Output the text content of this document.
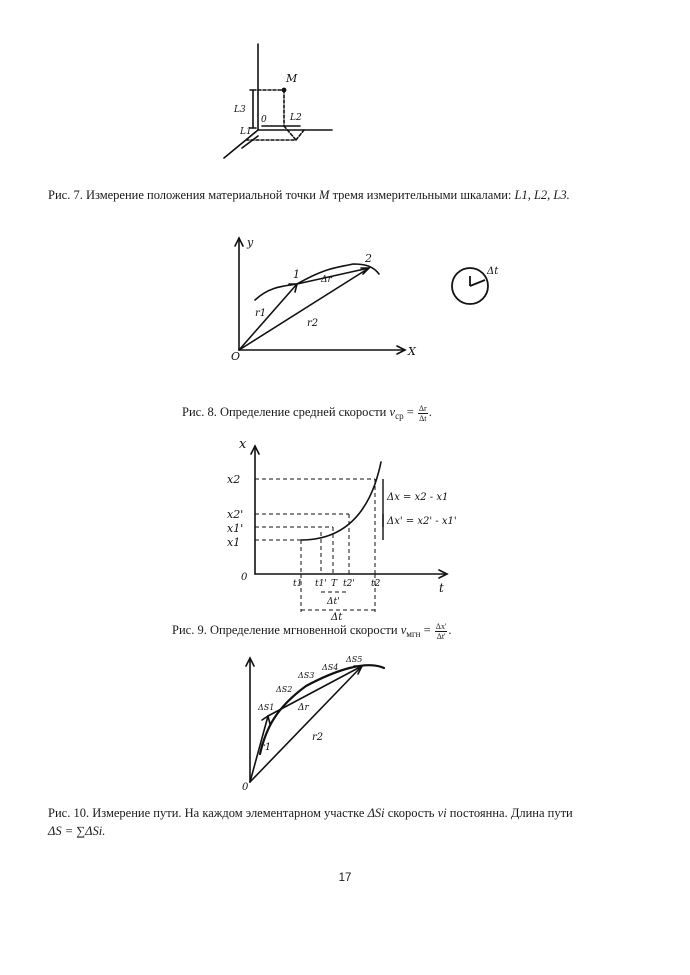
M
L3
L2
L1
0
Рис. 7. Измерение положения материальной точки M тремя измерительными шкалами: L1, L2, L3.
y
X
O
1
2
r1
r2
Δr
Δt
Рис. 8. Определение средней скорости $v_{cp} = \frac{\Delta r}{\Delta t}$ .
x
t
0
x2
x2'
x1'
x1
t1 t1' T t2' t2
Δx = x2 - x1
Δx' = x2' - x1'
Δt'
Δt
Рис. 9. Определение мгновенной скорости $v_{мгн} = \frac{\Delta x'}{\Delta t'}$ .
0
r1
r2
Δr
ΔS1
ΔS2
ΔS3
ΔS4
ΔS5
Рис. 10. Измерение пути. На каждом элементарном участке ΔSi скорость vi постоянна. Длина пути
ΔS = ∑ΔSi.
17
